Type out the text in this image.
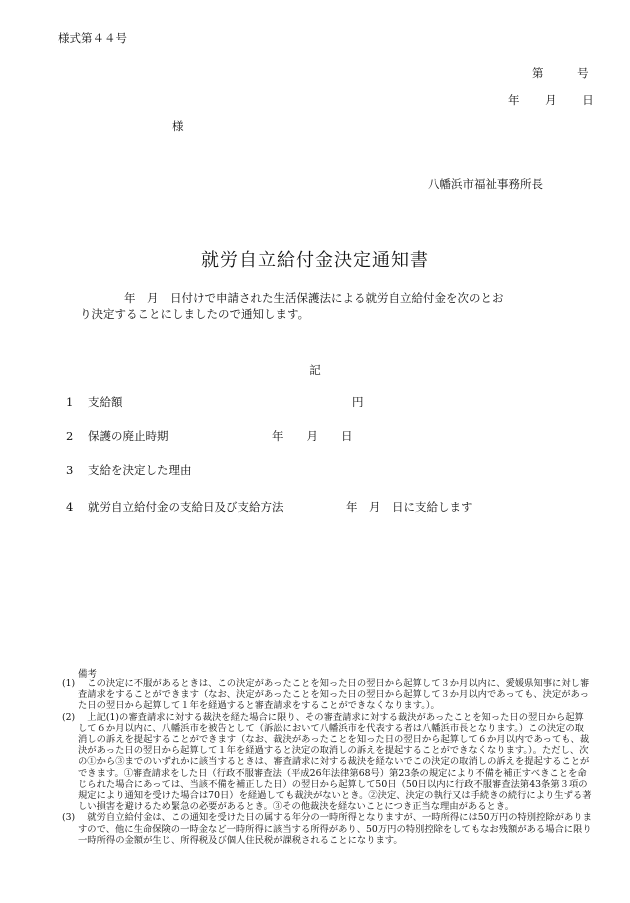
様式第４４号
第 号
年 月 日
様
八幡浜市福祉事務所長
就労自立給付金決定通知書
年　月　日付けで申請された生活保護法による就労自立給付金を次のとお
り決定することにしましたので通知します。
記
1 支給額	円
2 保護の廃止時期	年　　月　　日
3 支給を決定した理由
4 就労自立給付金の支給日及び支給方法	年　月　日に支給します
備考
(1) 　この決定に不服があるときは、この決定があったことを知った日の翌日から起算して３か月以内に、愛媛県知事に対し審査請求をすることができます（なお、決定があったことを知った日の翌日から起算して３か月以内であっても、決定があった日の翌日から起算して１年を経過すると審査請求をすることができなくなります。）。
(2) 　上記(1)の審査請求に対する裁決を経た場合に限り、その審査請求に対する裁決があったことを知った日の翌日から起算して６か月以内に、八幡浜市を被告として（訴訟において八幡浜市を代表する者は八幡浜市長となります。）この決定の取消しの訴えを提起することができます（なお、裁決があったことを知った日の翌日から起算して６か月以内であっても、裁決があった日の翌日から起算して１年を経過すると決定の取消しの訴えを提起することができなくなります。）。ただし、次の①から③までのいずれかに該当するときは、審査請求に対する裁決を経ないでこの決定の取消しの訴えを提起することができます。①審査請求をした日（行政不服審査法（平成26年法律第68号）第23条の規定により不備を補正すべきことを命じられた場合にあっては、当該不備を補正した日）の翌日から起算して50日（50日以内に行政不服審査法第43条第３項の規定により通知を受けた場合は70日）を経過しても裁決がないとき。②決定、決定の執行又は手続きの続行により生ずる著しい損害を避けるため緊急の必要があるとき。③その他裁決を経ないことにつき正当な理由があるとき。
(3) 　就労自立給付金は、この通知を受けた日の属する年分の一時所得となりますが、一時所得には50万円の特別控除がありますので、他に生命保険の一時金など一時所得に該当する所得があり、50万円の特別控除をしてもなお残額がある場合に限り一時所得の金額が生じ、所得税及び個人住民税が課税されることになります。
